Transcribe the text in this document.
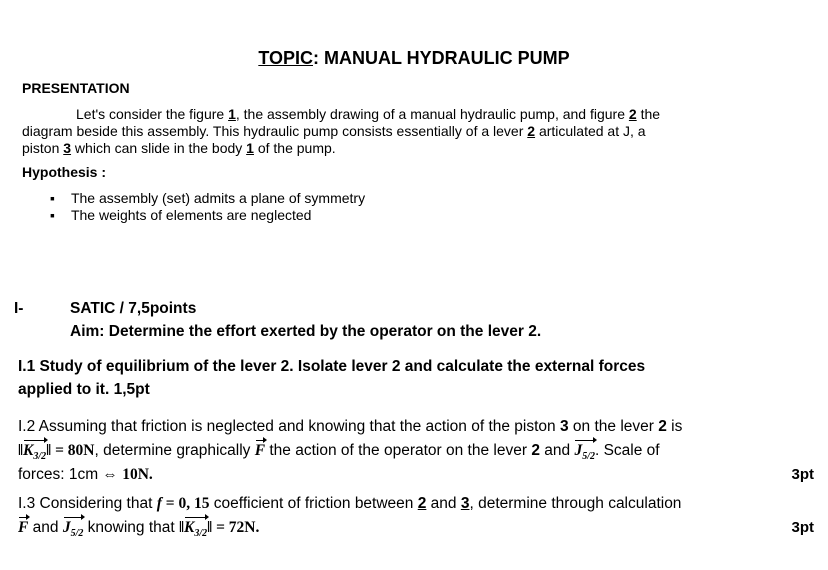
TOPIC: MANUAL HYDRAULIC PUMP
PRESENTATION
Let's consider the figure 1, the assembly drawing of a manual hydraulic pump, and figure 2 the
diagram beside this assembly. This hydraulic pump consists essentially of a lever 2 articulated at J, a
piston 3 which can slide in the body 1 of the pump.
Hypothesis :
▪ The assembly (set) admits a plane of symmetry
▪ The weights of elements are neglected
I-	SATIC / 7,5points
Aim: Determine the effort exerted by the operator on the lever 2.
I.1 Study of equilibrium of the lever 2. Isolate lever 2 and calculate the external forces
applied to it. 1,5pt
I.2 Assuming that friction is neglected and knowing that the action of the piston 3 on the lever 2 is
$‖K_{3/2}‖ = 80N$, determine graphically F the action of the operator on the lever 2 and $J_{5/2}$. Scale of
forces: 1cm ⇔ 10N.	3pt
I.3 Considering that f = 0, 15 coefficient of friction between 2 and 3, determine through calculation
F and $J_{5/2}$ knowing that $‖K_{3/2}‖ = 72N$.	3pt
